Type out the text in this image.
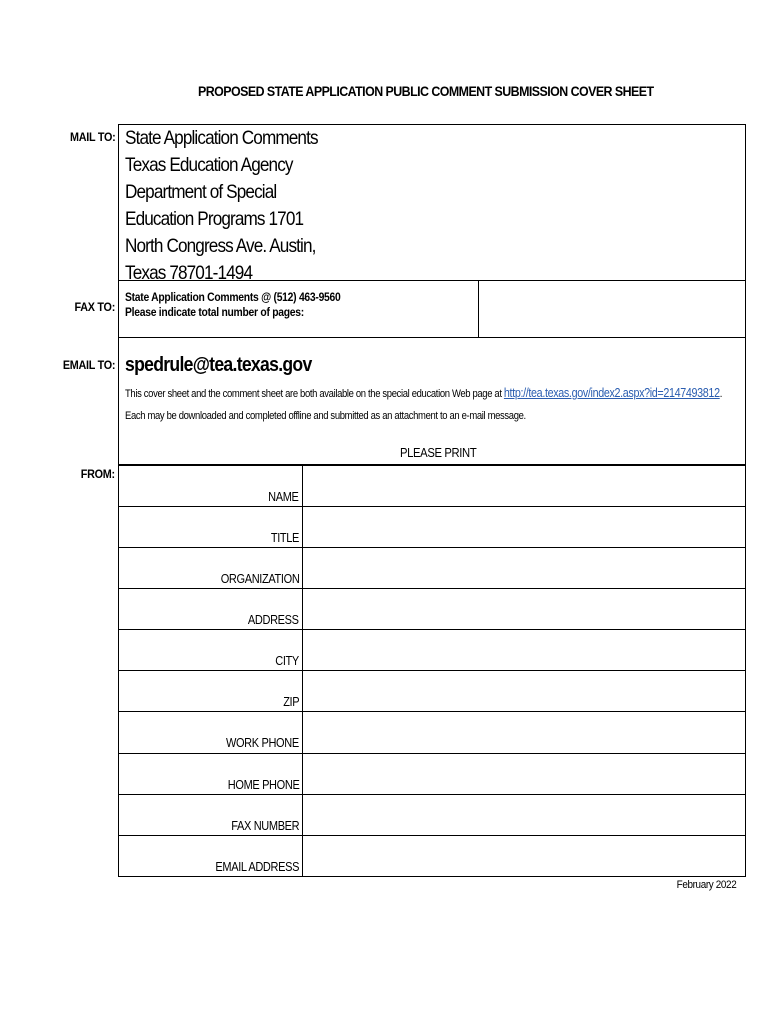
PROPOSED STATE APPLICATION PUBLIC COMMENT SUBMISSION COVER SHEET
MAIL TO: State Application Comments
Texas Education Agency
Department of Special
Education Programs 1701
North Congress Ave. Austin,
Texas 78701-1494
FAX TO:
State Application Comments @ (512) 463-9560
Please indicate total number of pages:
EMAIL TO: spedrule@tea.texas.gov
This cover sheet and the comment sheet are both available on the special education Web page at http://tea.texas.gov/index2.aspx?id=2147493812.
Each may be downloaded and completed offline and submitted as an attachment to an e-mail message.
PLEASE PRINT
FROM:
NAME
TITLE
ORGANIZATION
ADDRESS
CITY
ZIP
WORK PHONE
HOME PHONE
FAX NUMBER
EMAIL ADDRESS
February 2022
